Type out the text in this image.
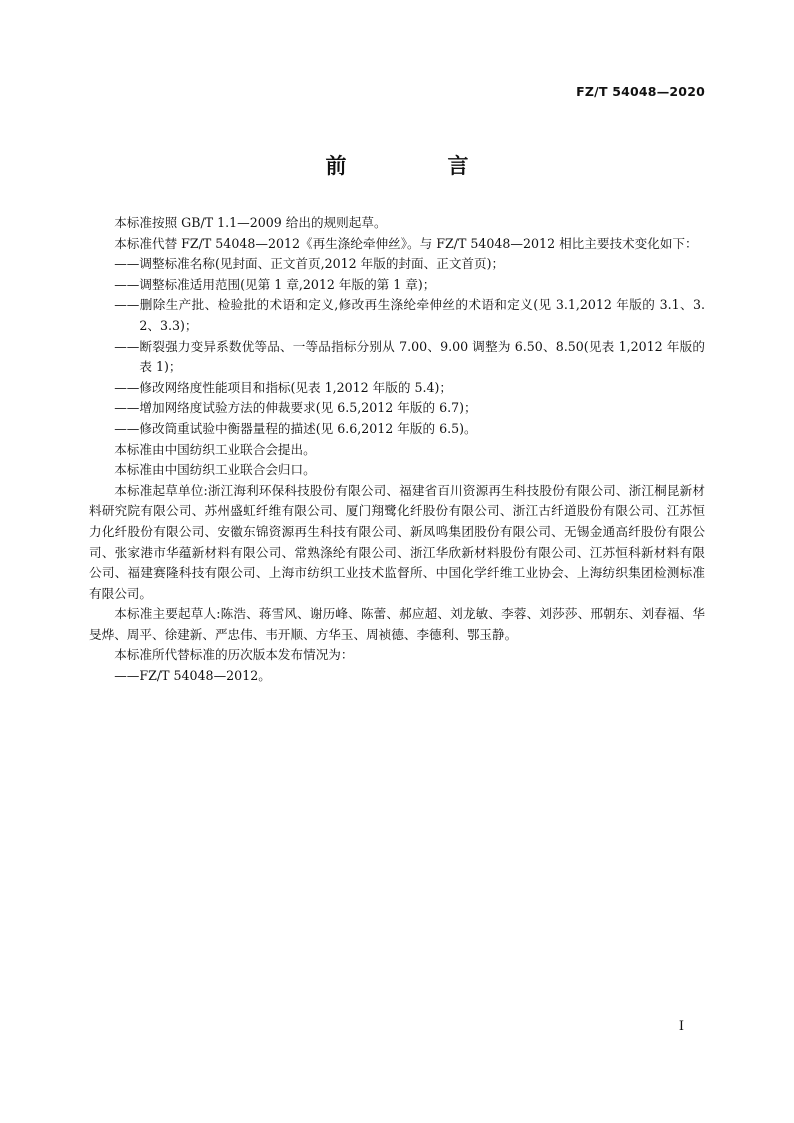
FZ/T 54048—2020
前　言

本标准按照 GB/T 1.1—2009 给出的规则起草。

本标准代替 FZ/T 54048—2012《再生涤纶牵伸丝》。与 FZ/T 54048—2012 相比主要技术变化如下：

——调整标准名称(见封面、正文首页,2012 年版的封面、正文首页)；

——调整标准适用范围(见第 1 章,2012 年版的第 1 章)；

——删除生产批、检验批的术语和定义,修改再生涤纶牵伸丝的术语和定义(见 3.1,2012 年版的 3.1、3.2、3.3)；

——断裂强力变异系数优等品、一等品指标分别从 7.00、9.00 调整为 6.50、8.50(见表 1,2012 年版的表 1)；

——修改网络度性能项目和指标(见表 1,2012 年版的 5.4)；

——增加网络度试验方法的伸裁要求(见 6.5,2012 年版的 6.7)；

——修改筒重试验中衡器量程的描述(见 6.6,2012 年版的 6.5)。

本标准由中国纺织工业联合会提出。

本标准由中国纺织工业联合会归口。

本标准起草单位:浙江海利环保科技股份有限公司、福建省百川资源再生科技股份有限公司、浙江桐昆新材料研究院有限公司、苏州盛虹纤维有限公司、厦门翔鹭化纤股份有限公司、浙江古纤道股份有限公司、江苏恒力化纤股份有限公司、安徽东锦资源再生科技有限公司、新凤鸣集团股份有限公司、无锡金通高纤股份有限公司、张家港市华蕴新材料有限公司、常熟涤纶有限公司、浙江华欣新材料股份有限公司、江苏恒科新材料有限公司、福建赛隆科技有限公司、上海市纺织工业技术监督所、中国化学纤维工业协会、上海纺织集团检测标准有限公司。

本标准主要起草人:陈浩、蒋雪风、谢历峰、陈蕾、郝应超、刘龙敏、李蓉、刘莎莎、邢朝东、刘春福、华旻烨、周平、徐建新、严忠伟、韦开顺、方华玉、周祯德、李德利、鄂玉静。

本标准所代替标准的历次版本发布情况为：

——FZ/T 54048—2012。

I
